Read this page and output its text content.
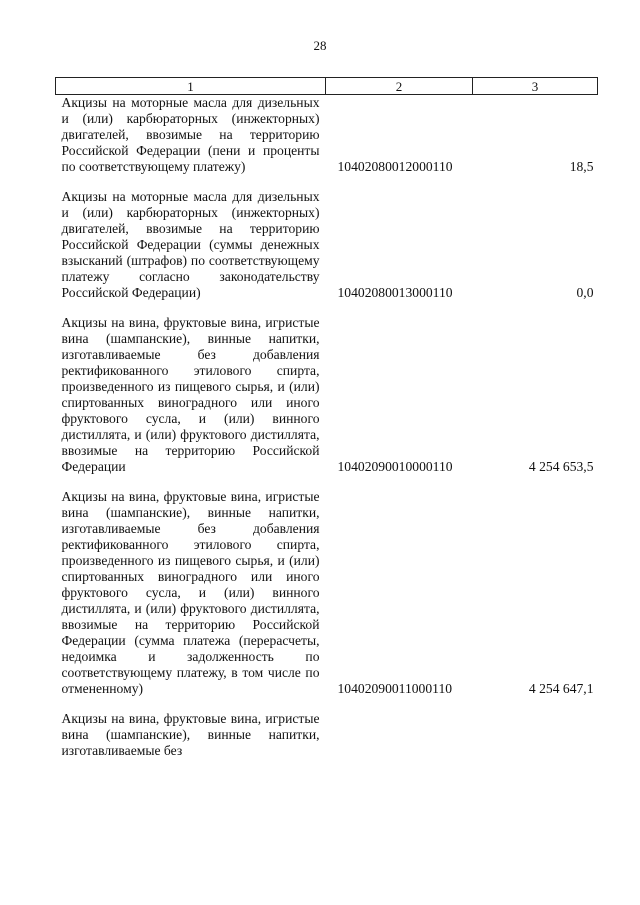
28
1	2	3
Акцизы на моторные масла для дизельных и (или) карбюраторных (инжекторных) двигателей, ввозимые на территорию Российской Федерации (пени и проценты по соответствующему платежу)	10402080012000110	18,5

Акцизы на моторные масла для дизельных и (или) карбюраторных (инжекторных) двигателей, ввозимые на территорию Российской Федерации (суммы денежных взысканий (штрафов) по соответствующему платежу согласно законодательству Российской Федерации)	10402080013000110	0,0

Акцизы на вина, фруктовые вина, игристые вина (шампанские), винные напитки, изготавливаемые без добавления ректификованного этилового спирта, произведенного из пищевого сырья, и (или) спиртованных виноградного или иного фруктового сусла, и (или) винного дистиллята, и (или) фруктового дистиллята, ввозимые на территорию Российской Федерации	10402090010000110	4 254 653,5

Акцизы на вина, фруктовые вина, игристые вина (шампанские), винные напитки, изготавливаемые без добавления ректификованного этилового спирта, произведенного из пищевого сырья, и (или) спиртованных виноградного или иного фруктового сусла, и (или) винного дистиллята, и (или) фруктового дистиллята, ввозимые на территорию Российской Федерации (сумма платежа (перерасчеты, недоимка и задолженность по соответствующему платежу, в том числе по отмененному)	10402090011000110	4 254 647,1

Акцизы на вина, фруктовые вина, игристые вина (шампанские), винные напитки, изготавливаемые без		
